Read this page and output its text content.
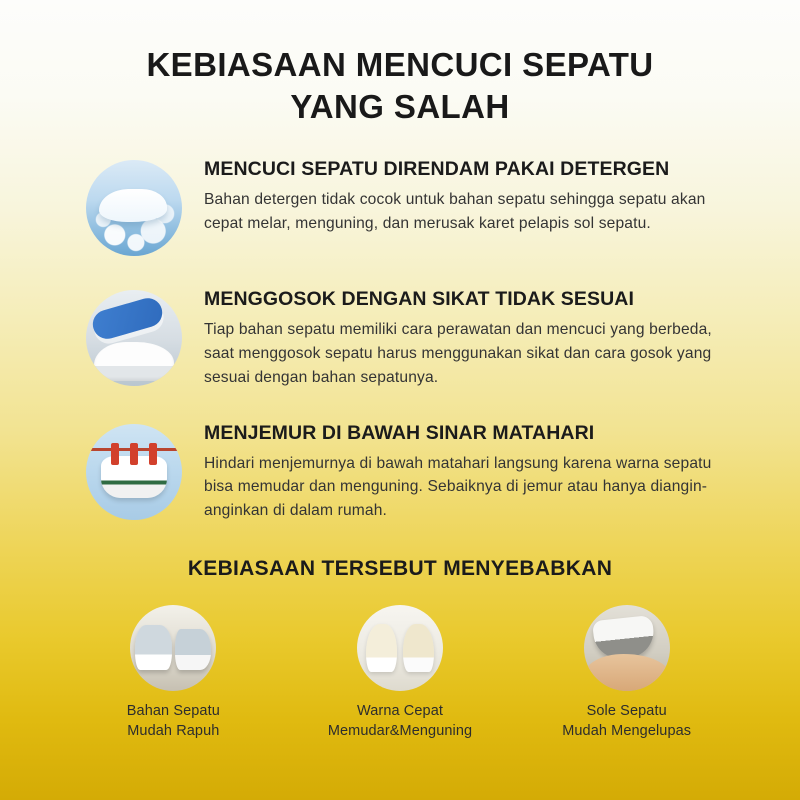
KEBIASAAN MENCUCI SEPATU
YANG SALAH
MENCUCI SEPATU DIRENDAM PAKAI DETERGEN
Bahan detergen tidak cocok untuk bahan sepatu sehingga sepatu akan cepat melar, menguning, dan merusak karet pelapis sol sepatu.
MENGGOSOK DENGAN SIKAT TIDAK SESUAI
Tiap bahan sepatu memiliki cara perawatan dan mencuci yang berbeda, saat menggosok sepatu harus menggunakan sikat dan cara gosok yang sesuai dengan bahan sepatunya.
MENJEMUR DI BAWAH SINAR MATAHARI
Hindari menjemurnya di bawah matahari langsung karena warna sepatu bisa memudar dan menguning. Sebaiknya di jemur atau hanya diangin-anginkan di dalam rumah.
KEBIASAAN TERSEBUT MENYEBABKAN
Bahan Sepatu
Mudah Rapuh
Warna Cepat
Memudar&Menguning
Sole Sepatu
Mudah Mengelupas
